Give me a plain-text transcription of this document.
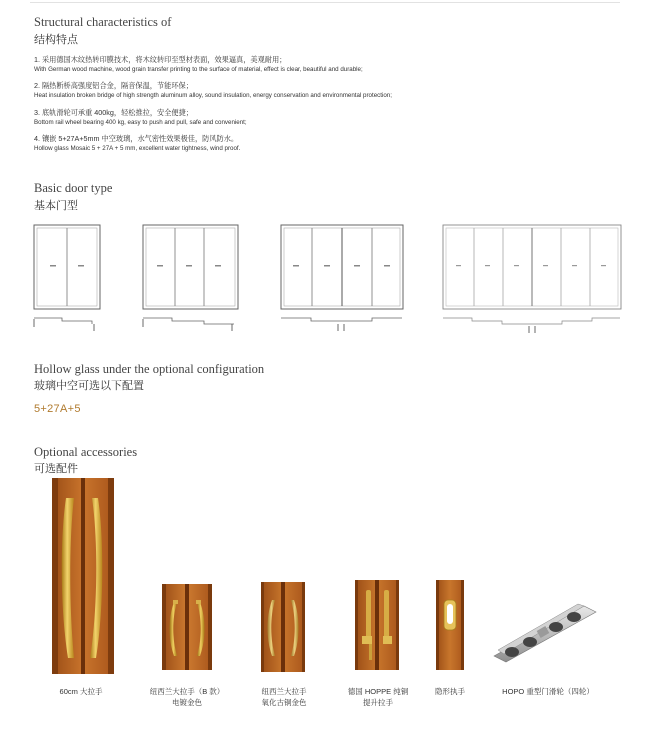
Structural characteristics of
结构特点
1. 采用德国木纹热转印膜技术，将木纹转印至型材表面，效果逼真，美观耐用；
With German wood machine, wood grain transfer printing to the surface of material, effect is clear, beautiful and durable;
2. 隔热断桥高强度铝合金，隔音保温，节能环保；
Heat insulation broken bridge of high strength aluminum alloy, sound insulation, energy conservation and environmental protection;
3. 底轨滑轮可承重 400kg，轻松推拉，安全便捷；
Bottom rail wheel bearing 400 kg, easy to push and pull, safe and convenient;
4. 镶嵌 5+27A+5mm 中空玻璃，水气密性效果极佳，防风防水。
Hollow glass Mosaic 5 + 27A + 5 mm, excellent water tightness, wind proof.
Basic door type
基本门型
Hollow glass under the optional configuration
玻璃中空可选以下配置
5+27A+5
Optional accessories
可选配件
60cm 大拉手	纽西兰大拉手（B 款）
电镀金色
纽西兰大拉手
氧化古铜金色
德国 HOPPE 纯铜
提升拉手
隐形执手	HOPO 重型门滑轮（四轮）
